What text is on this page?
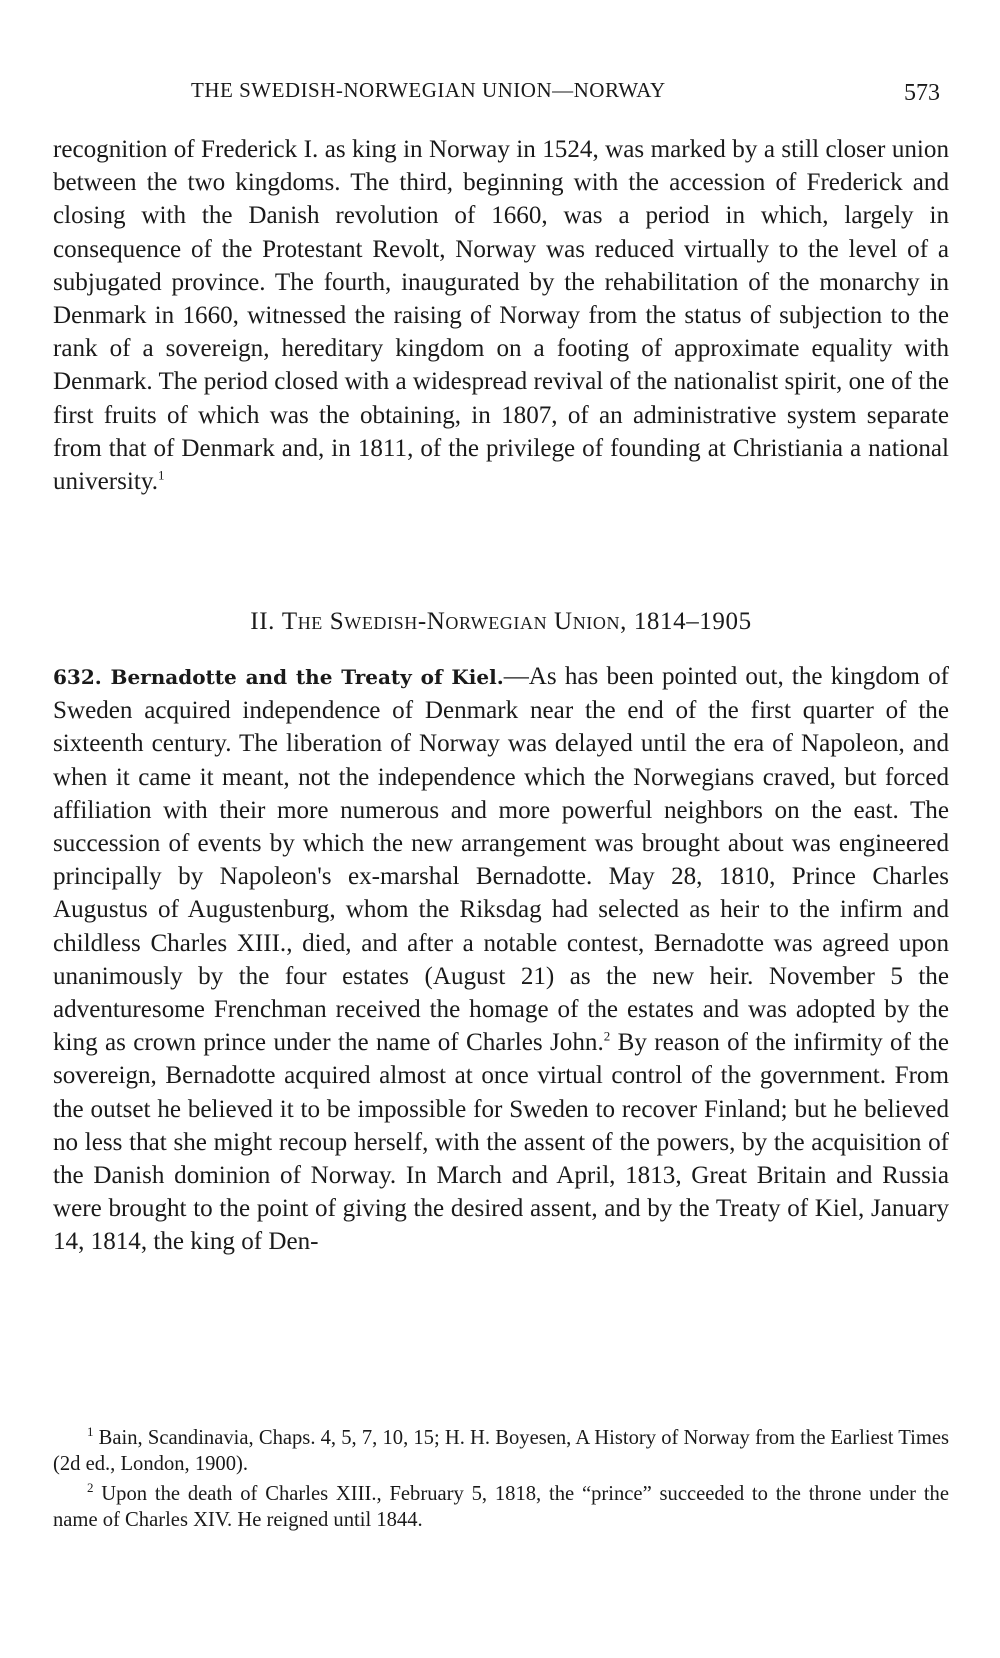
THE SWEDISH-NORWEGIAN UNION—NORWAY	573
recognition of Frederick I. as king in Norway in 1524, was marked by a still closer union between the two kingdoms. The third, beginning with the accession of Frederick and closing with the Danish revolution of 1660, was a period in which, largely in consequence of the Protestant Revolt, Norway was reduced virtually to the level of a subjugated province. The fourth, inaugurated by the rehabilitation of the monarchy in Denmark in 1660, witnessed the raising of Norway from the status of subjection to the rank of a sovereign, hereditary kingdom on a footing of approximate equality with Denmark. The period closed with a widespread revival of the nationalist spirit, one of the first fruits of which was the obtaining, in 1807, of an administrative system separate from that of Denmark and, in 1811, of the privilege of founding at Christiania a national university.$^1$
II. The Swedish-Norwegian Union, 1814–1905
632. Bernadotte and the Treaty of Kiel.—As has been pointed out, the kingdom of Sweden acquired independence of Denmark near the end of the first quarter of the sixteenth century. The liberation of Norway was delayed until the era of Napoleon, and when it came it meant, not the independence which the Norwegians craved, but forced affiliation with their more numerous and more powerful neighbors on the east. The succession of events by which the new arrangement was brought about was engineered principally by Napoleon's ex-marshal Bernadotte. May 28, 1810, Prince Charles Augustus of Augustenburg, whom the Riksdag had selected as heir to the infirm and childless Charles XIII., died, and after a notable contest, Bernadotte was agreed upon unanimously by the four estates (August 21) as the new heir. November 5 the adventuresome Frenchman received the homage of the estates and was adopted by the king as crown prince under the name of Charles John.$^2$ By reason of the infirmity of the sovereign, Bernadotte acquired almost at once virtual control of the government. From the outset he believed it to be impossible for Sweden to recover Finland; but he believed no less that she might recoup herself, with the assent of the powers, by the acquisition of the Danish dominion of Norway. In March and April, 1813, Great Britain and Russia were brought to the point of giving the desired assent, and by the Treaty of Kiel, January 14, 1814, the king of Den-

$^1$ Bain, Scandinavia, Chaps. 4, 5, 7, 10, 15; H. H. Boyesen, A History of Norway from the Earliest Times (2d ed., London, 1900).

$^2$ Upon the death of Charles XIII., February 5, 1818, the “prince” succeeded to the throne under the name of Charles XIV. He reigned until 1844.
